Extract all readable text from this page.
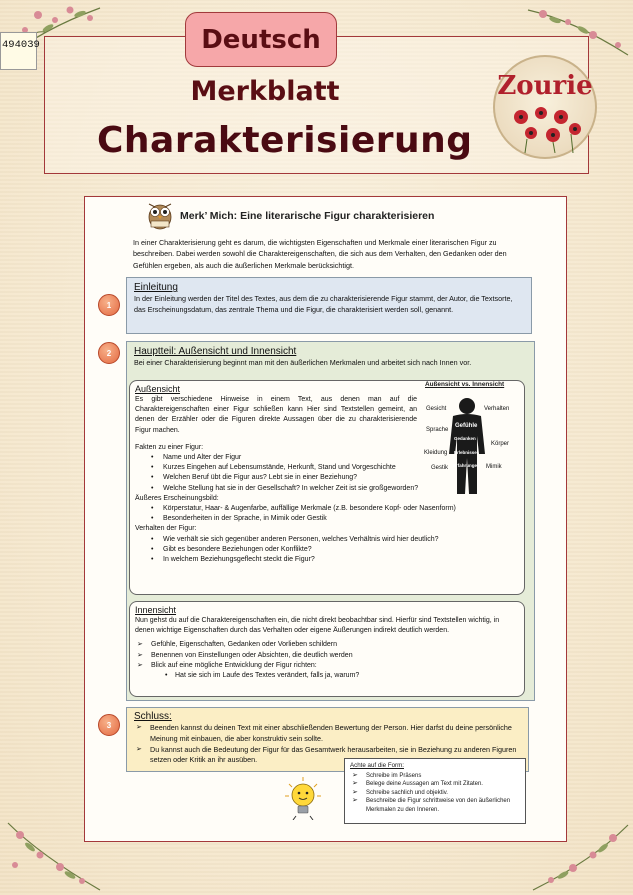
494039	Deutsch
Merkblatt
Charakterisierung
Zourie
Merk’ Mich: Eine literarische Figur charakterisieren
In einer Charakterisierung geht es darum, die wichtigsten Eigenschaften und Merkmale einer literarischen Figur zu beschreiben. Dabei werden sowohl die Charaktereigenschaften, die sich aus dem Verhalten, den Gedanken oder den Gefühlen ergeben, als auch die äußerlichen Merkmale berücksichtigt.
1
Einleitung
In der Einleitung werden der Titel des Textes, aus dem die zu charakterisierende Figur stammt, der Autor, die Textsorte, das Erscheinungsdatum, das zentrale Thema und die Figur, die charakterisiert werden soll, genannt.
2	Hauptteil: Außensicht und Innensicht
Bei einer Charakterisierung beginnt man mit den äußerlichen Merkmalen und arbeitet sich nach Innen vor.
Außensicht
Es gibt verschiedene Hinweise in einem Text, aus denen man auf die Charaktereigenschaften einer Figur schließen kann Hier sind Textstellen gemeint, an denen der Erzähler oder die Figuren direkte Aussagen über die zu charakterisierende Figur machen.
Fakten zu einer Figur:
• Name und Alter der Figur
• Kurzes Eingehen auf Lebensumstände, Herkunft, Stand und Vorgeschichte
• Welchen Beruf übt die Figur aus? Lebt sie in einer Beziehung?
• Welche Stellung hat sie in der Gesellschaft? In welcher Zeit ist sie großgeworden?
Äußeres Erscheinungsbild:
• Körperstatur, Haar- & Augenfarbe, auffällige Merkmale (z.B. besondere Kopf- oder Nasenform)
• Besonderheiten in der Sprache, in Mimik oder Gestik
Verhalten der Figur:
• Wie verhält sie sich gegenüber anderen Personen, welches Verhältnis wird hier deutlich?
• Gibt es besondere Beziehungen oder Konflikte?
• In welchem Beziehungsgeflecht steckt die Figur?
Außensicht vs. Innensicht
Gesicht
Sprache
Kleidung
Gestik
Verhalten
Körper
Mimik
Gefühle
Gedanken
Erlebnisse
Erfahrungen
Innensicht
Nun gehst du auf die Charaktereigenschaften ein, die nicht direkt beobachtbar sind. Hierfür sind Textstellen wichtig, in denen wichtige Eigenschaften durch das Verhalten oder eigene Äußerungen indirekt deutlich werden.
➢ Gefühle, Eigenschaften, Gedanken oder Vorlieben schildern
➢ Benennen von Einstellungen oder Absichten, die deutlich werden
➢ Blick auf eine mögliche Entwicklung der Figur richten:
• Hat sie sich im Laufe des Textes verändert, falls ja, warum?
3
Schluss:
➢ Beenden kannst du deinen Text mit einer abschließenden Bewertung der Person. Hier darfst du deine persönliche Meinung mit einbauen, die aber konstruktiv sein sollte.
➢ Du kannst auch die Bedeutung der Figur für das Gesamtwerk herausarbeiten, sie in Beziehung zu anderen Figuren setzen oder Kritik an ihr ausüben.
Achte auf die Form:
➢ Schreibe im Präsens
➢ Belege deine Aussagen am Text mit Zitaten.
➢ Schreibe sachlich und objektiv.
➢ Beschreibe die Figur schrittweise von den äußerlichen Merkmalen zu den Inneren.
